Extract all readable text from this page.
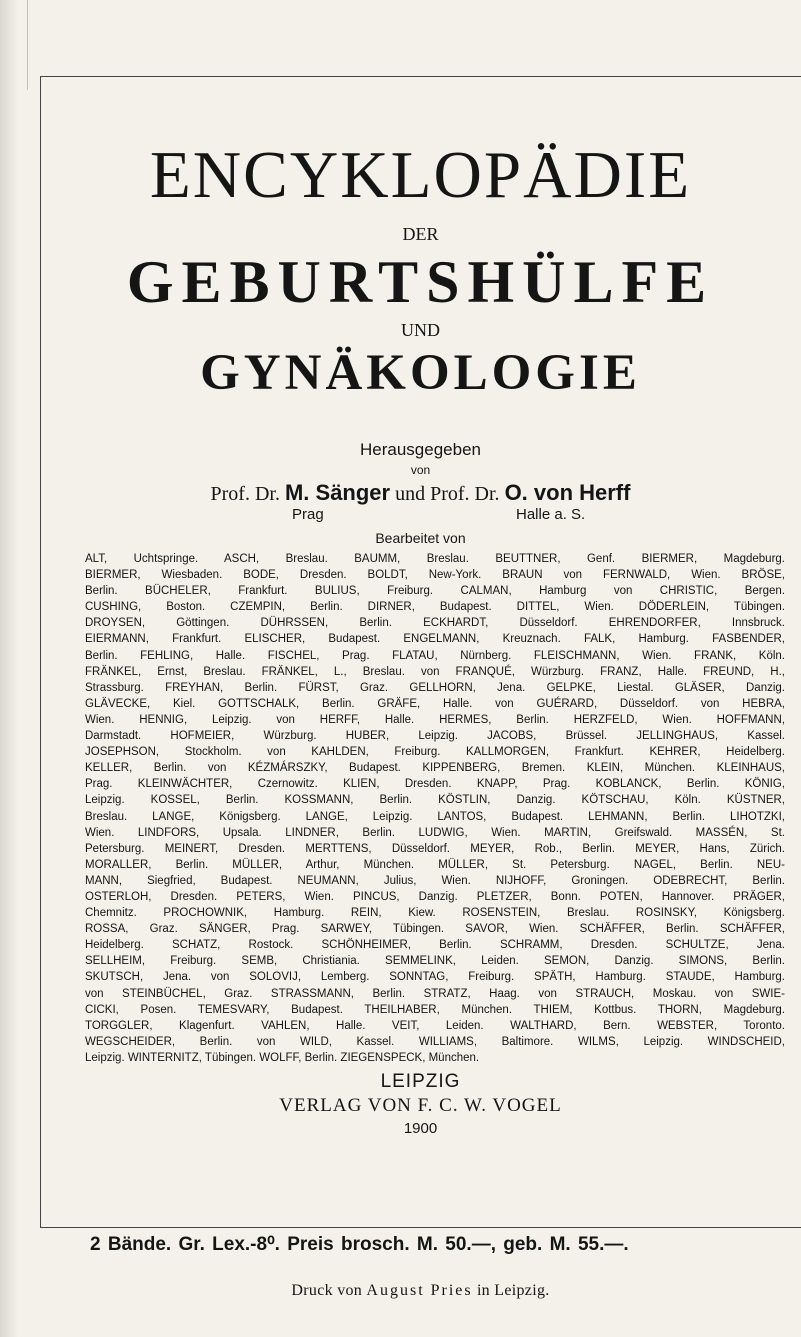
ENCYKLOPÄDIE
DER
GEBURTSHÜLFE
UND
GYNÄKOLOGIE
Herausgegeben
von
Prof. Dr. M. Sänger und Prof. Dr. O. von Herff
Prag	Halle a. S.
Bearbeitet von
ALT, Uchtspringe. ASCH, Breslau. BAUMM, Breslau. BEUTTNER, Genf. BIERMER, Magdeburg.
BIERMER, Wiesbaden. BODE, Dresden. BOLDT, New-York. BRAUN von FERNWALD, Wien. BRÖSE,
Berlin. BÜCHELER, Frankfurt. BULIUS, Freiburg. CALMAN, Hamburg von CHRISTIC, Bergen.
CUSHING, Boston. CZEMPIN, Berlin. DIRNER, Budapest. DITTEL, Wien. DÖDERLEIN, Tübingen.
DROYSEN, Göttingen. DÜHRSSEN, Berlin. ECKHARDT, Düsseldorf. EHRENDORFER, Innsbruck.
EIERMANN, Frankfurt. ELISCHER, Budapest. ENGELMANN, Kreuznach. FALK, Hamburg. FASBENDER,
Berlin. FEHLING, Halle. FISCHEL, Prag. FLATAU, Nürnberg. FLEISCHMANN, Wien. FRANK, Köln.
FRÄNKEL, Ernst, Breslau. FRÄNKEL, L., Breslau. von FRANQUÉ, Würzburg. FRANZ, Halle. FREUND, H.,
Strassburg. FREYHAN, Berlin. FÜRST, Graz. GELLHORN, Jena. GELPKE, Liestal. GLÄSER, Danzig.
GLÄVECKE, Kiel. GOTTSCHALK, Berlin. GRÄFE, Halle. von GUÉRARD, Düsseldorf. von HEBRA,
Wien. HENNIG, Leipzig. von HERFF, Halle. HERMES, Berlin. HERZFELD, Wien. HOFFMANN,
Darmstadt. HOFMEIER, Würzburg. HUBER, Leipzig. JACOBS, Brüssel. JELLINGHAUS, Kassel.
JOSEPHSON, Stockholm. von KAHLDEN, Freiburg. KALLMORGEN, Frankfurt. KEHRER, Heidelberg.
KELLER, Berlin. von KÉZMÁRSZKY, Budapest. KIPPENBERG, Bremen. KLEIN, München. KLEINHAUS,
Prag. KLEINWÄCHTER, Czernowitz. KLIEN, Dresden. KNAPP, Prag. KOBLANCK, Berlin. KÖNIG,
Leipzig. KOSSEL, Berlin. KOSSMANN, Berlin. KÖSTLIN, Danzig. KÖTSCHAU, Köln. KÜSTNER,
Breslau. LANGE, Königsberg. LANGE, Leipzig. LANTOS, Budapest. LEHMANN, Berlin. LIHOTZKI,
Wien. LINDFORS, Upsala. LINDNER, Berlin. LUDWIG, Wien. MARTIN, Greifswald. MASSÉN, St.
Petersburg. MEINERT, Dresden. MERTTENS, Düsseldorf. MEYER, Rob., Berlin. MEYER, Hans, Zürich.
MORALLER, Berlin. MÜLLER, Arthur, München. MÜLLER, St. Petersburg. NAGEL, Berlin. NEU-
MANN, Siegfried, Budapest. NEUMANN, Julius, Wien. NIJHOFF, Groningen. ODEBRECHT, Berlin.
OSTERLOH, Dresden. PETERS, Wien. PINCUS, Danzig. PLETZER, Bonn. POTEN, Hannover. PRÄGER,
Chemnitz. PROCHOWNIK, Hamburg. REIN, Kiew. ROSENSTEIN, Breslau. ROSINSKY, Königsberg.
ROSSA, Graz. SÄNGER, Prag. SARWEY, Tübingen. SAVOR, Wien. SCHÄFFER, Berlin. SCHÄFFER,
Heidelberg. SCHATZ, Rostock. SCHÖNHEIMER, Berlin. SCHRAMM, Dresden. SCHULTZE, Jena.
SELLHEIM, Freiburg. SEMB, Christiania. SEMMELINK, Leiden. SEMON, Danzig. SIMONS, Berlin.
SKUTSCH, Jena. von SOLOVIJ, Lemberg. SONNTAG, Freiburg. SPÄTH, Hamburg. STAUDE, Hamburg.
von STEINBÜCHEL, Graz. STRASSMANN, Berlin. STRATZ, Haag. von STRAUCH, Moskau. von SWIE-
CICKI, Posen. TEMESVARY, Budapest. THEILHABER, München. THIEM, Kottbus. THORN, Magdeburg.
TORGGLER, Klagenfurt. VAHLEN, Halle. VEIT, Leiden. WALTHARD, Bern. WEBSTER, Toronto.
WEGSCHEIDER, Berlin. von WILD, Kassel. WILLIAMS, Baltimore. WILMS, Leipzig. WINDSCHEID,
Leipzig. WINTERNITZ, Tübingen. WOLFF, Berlin. ZIEGENSPECK, München.
LEIPZIG
VERLAG VON F. C. W. VOGEL
1900
2 Bände. Gr. Lex.-8⁰. Preis brosch. M. 50.—, geb. M. 55.—.
Druck von August Pries in Leipzig.
